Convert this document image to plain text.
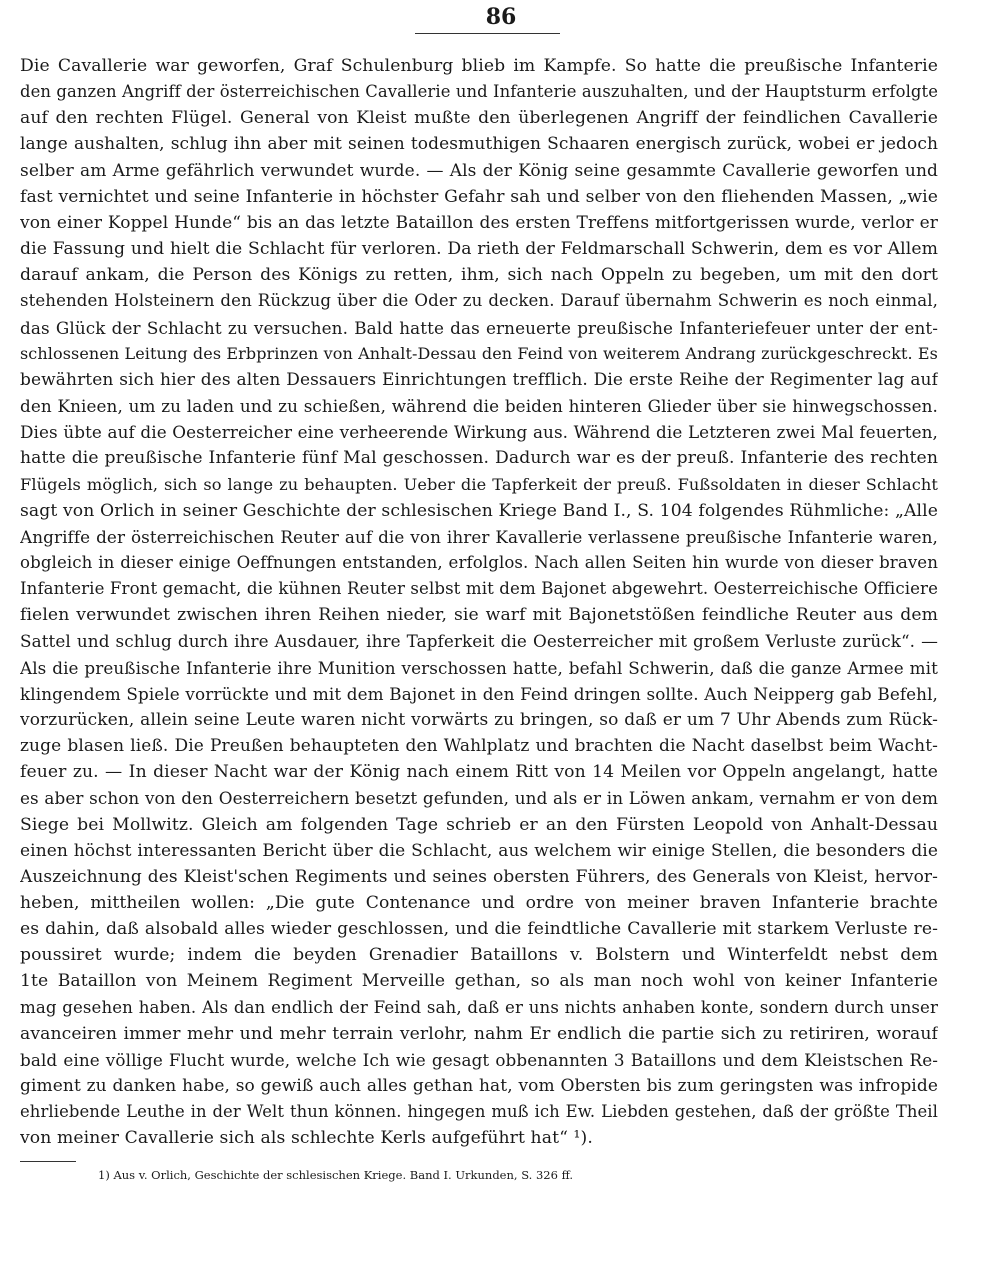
86
Die Cavallerie war geworfen, Graf Schulenburg blieb im Kampfe. So hatte die preußische Infanterie
den ganzen Angriff der österreichischen Cavallerie und Infanterie auszuhalten, und der Hauptsturm erfolgte
auf den rechten Flügel. General von Kleist mußte den überlegenen Angriff der feindlichen Cavallerie
lange aushalten, schlug ihn aber mit seinen todesmuthigen Schaaren energisch zurück, wobei er jedoch
selber am Arme gefährlich verwundet wurde. — Als der König seine gesammte Cavallerie geworfen und
fast vernichtet und seine Infanterie in höchster Gefahr sah und selber von den fliehenden Massen, „wie
von einer Koppel Hunde“ bis an das letzte Bataillon des ersten Treffens mitfortgerissen wurde, verlor er
die Fassung und hielt die Schlacht für verloren. Da rieth der Feldmarschall Schwerin, dem es vor Allem
darauf ankam, die Person des Königs zu retten, ihm, sich nach Oppeln zu begeben, um mit den dort
stehenden Holsteinern den Rückzug über die Oder zu decken. Darauf übernahm Schwerin es noch einmal,
das Glück der Schlacht zu versuchen. Bald hatte das erneuerte preußische Infanteriefeuer unter der ent-
schlossenen Leitung des Erbprinzen von Anhalt-Dessau den Feind von weiterem Andrang zurückgeschreckt. Es
bewährten sich hier des alten Dessauers Einrichtungen trefflich. Die erste Reihe der Regimenter lag auf
den Knieen, um zu laden und zu schießen, während die beiden hinteren Glieder über sie hinwegschossen.
Dies übte auf die Oesterreicher eine verheerende Wirkung aus. Während die Letzteren zwei Mal feuerten,
hatte die preußische Infanterie fünf Mal geschossen. Dadurch war es der preuß. Infanterie des rechten
Flügels möglich, sich so lange zu behaupten. Ueber die Tapferkeit der preuß. Fußsoldaten in dieser Schlacht
sagt von Orlich in seiner Geschichte der schlesischen Kriege Band I., S. 104 folgendes Rühmliche: „Alle
Angriffe der österreichischen Reuter auf die von ihrer Kavallerie verlassene preußische Infanterie waren,
obgleich in dieser einige Oeffnungen entstanden, erfolglos. Nach allen Seiten hin wurde von dieser braven
Infanterie Front gemacht, die kühnen Reuter selbst mit dem Bajonet abgewehrt. Oesterreichische Officiere
fielen verwundet zwischen ihren Reihen nieder, sie warf mit Bajonetstößen feindliche Reuter aus dem
Sattel und schlug durch ihre Ausdauer, ihre Tapferkeit die Oesterreicher mit großem Verluste zurück“. —
Als die preußische Infanterie ihre Munition verschossen hatte, befahl Schwerin, daß die ganze Armee mit
klingendem Spiele vorrückte und mit dem Bajonet in den Feind dringen sollte. Auch Neipperg gab Befehl,
vorzurücken, allein seine Leute waren nicht vorwärts zu bringen, so daß er um 7 Uhr Abends zum Rück-
zuge blasen ließ. Die Preußen behaupteten den Wahlplatz und brachten die Nacht daselbst beim Wacht-
feuer zu. — In dieser Nacht war der König nach einem Ritt von 14 Meilen vor Oppeln angelangt, hatte
es aber schon von den Oesterreichern besetzt gefunden, und als er in Löwen ankam, vernahm er von dem
Siege bei Mollwitz. Gleich am folgenden Tage schrieb er an den Fürsten Leopold von Anhalt-Dessau
einen höchst interessanten Bericht über die Schlacht, aus welchem wir einige Stellen, die besonders die
Auszeichnung des Kleist'schen Regiments und seines obersten Führers, des Generals von Kleist, hervor-
heben, mittheilen wollen: „Die gute Contenance und ordre von meiner braven Infanterie brachte
es dahin, daß alsobald alles wieder geschlossen, und die feindtliche Cavallerie mit starkem Verluste re-
poussiret wurde; indem die beyden Grenadier Bataillons v. Bolstern und Winterfeldt nebst dem
1te Bataillon von Meinem Regiment Merveille gethan, so als man noch wohl von keiner Infanterie
mag gesehen haben. Als dan endlich der Feind sah, daß er uns nichts anhaben konte, sondern durch unser
avanceiren immer mehr und mehr terrain verlohr, nahm Er endlich die partie sich zu retiriren, worauf
bald eine völlige Flucht wurde, welche Ich wie gesagt obbenannten 3 Bataillons und dem Kleistschen Re-
giment zu danken habe, so gewiß auch alles gethan hat, vom Obersten bis zum geringsten was infropide
ehrliebende Leuthe in der Welt thun können. hingegen muß ich Ew. Liebden gestehen, daß der größte Theil
von meiner Cavallerie sich als schlechte Kerls aufgeführt hat“ ¹).
1) Aus v. Orlich, Geschichte der schlesischen Kriege. Band I. Urkunden, S. 326 ff.
